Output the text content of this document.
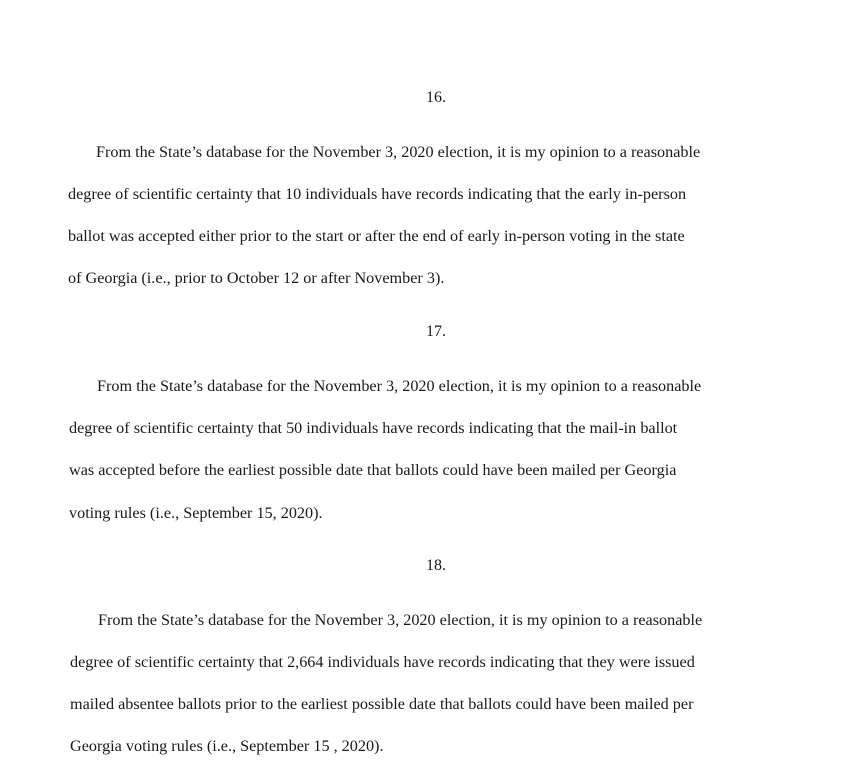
16.
From the State’s database for the November 3, 2020 election, it is my opinion to a reasonable
degree of scientific certainty that 10 individuals have records indicating that the early in-person
ballot was accepted either prior to the start or after the end of early in-person voting in the state
of Georgia (i.e., prior to October 12 or after November 3).
17.
From the State’s database for the November 3, 2020 election, it is my opinion to a reasonable
degree of scientific certainty that 50 individuals have records indicating that the mail-in ballot
was accepted before the earliest possible date that ballots could have been mailed per Georgia
voting rules (i.e., September 15, 2020).
18.
From the State’s database for the November 3, 2020 election, it is my opinion to a reasonable
degree of scientific certainty that 2,664 individuals have records indicating that they were issued
mailed absentee ballots prior to the earliest possible date that ballots could have been mailed per
Georgia voting rules (i.e., September 15 , 2020).
